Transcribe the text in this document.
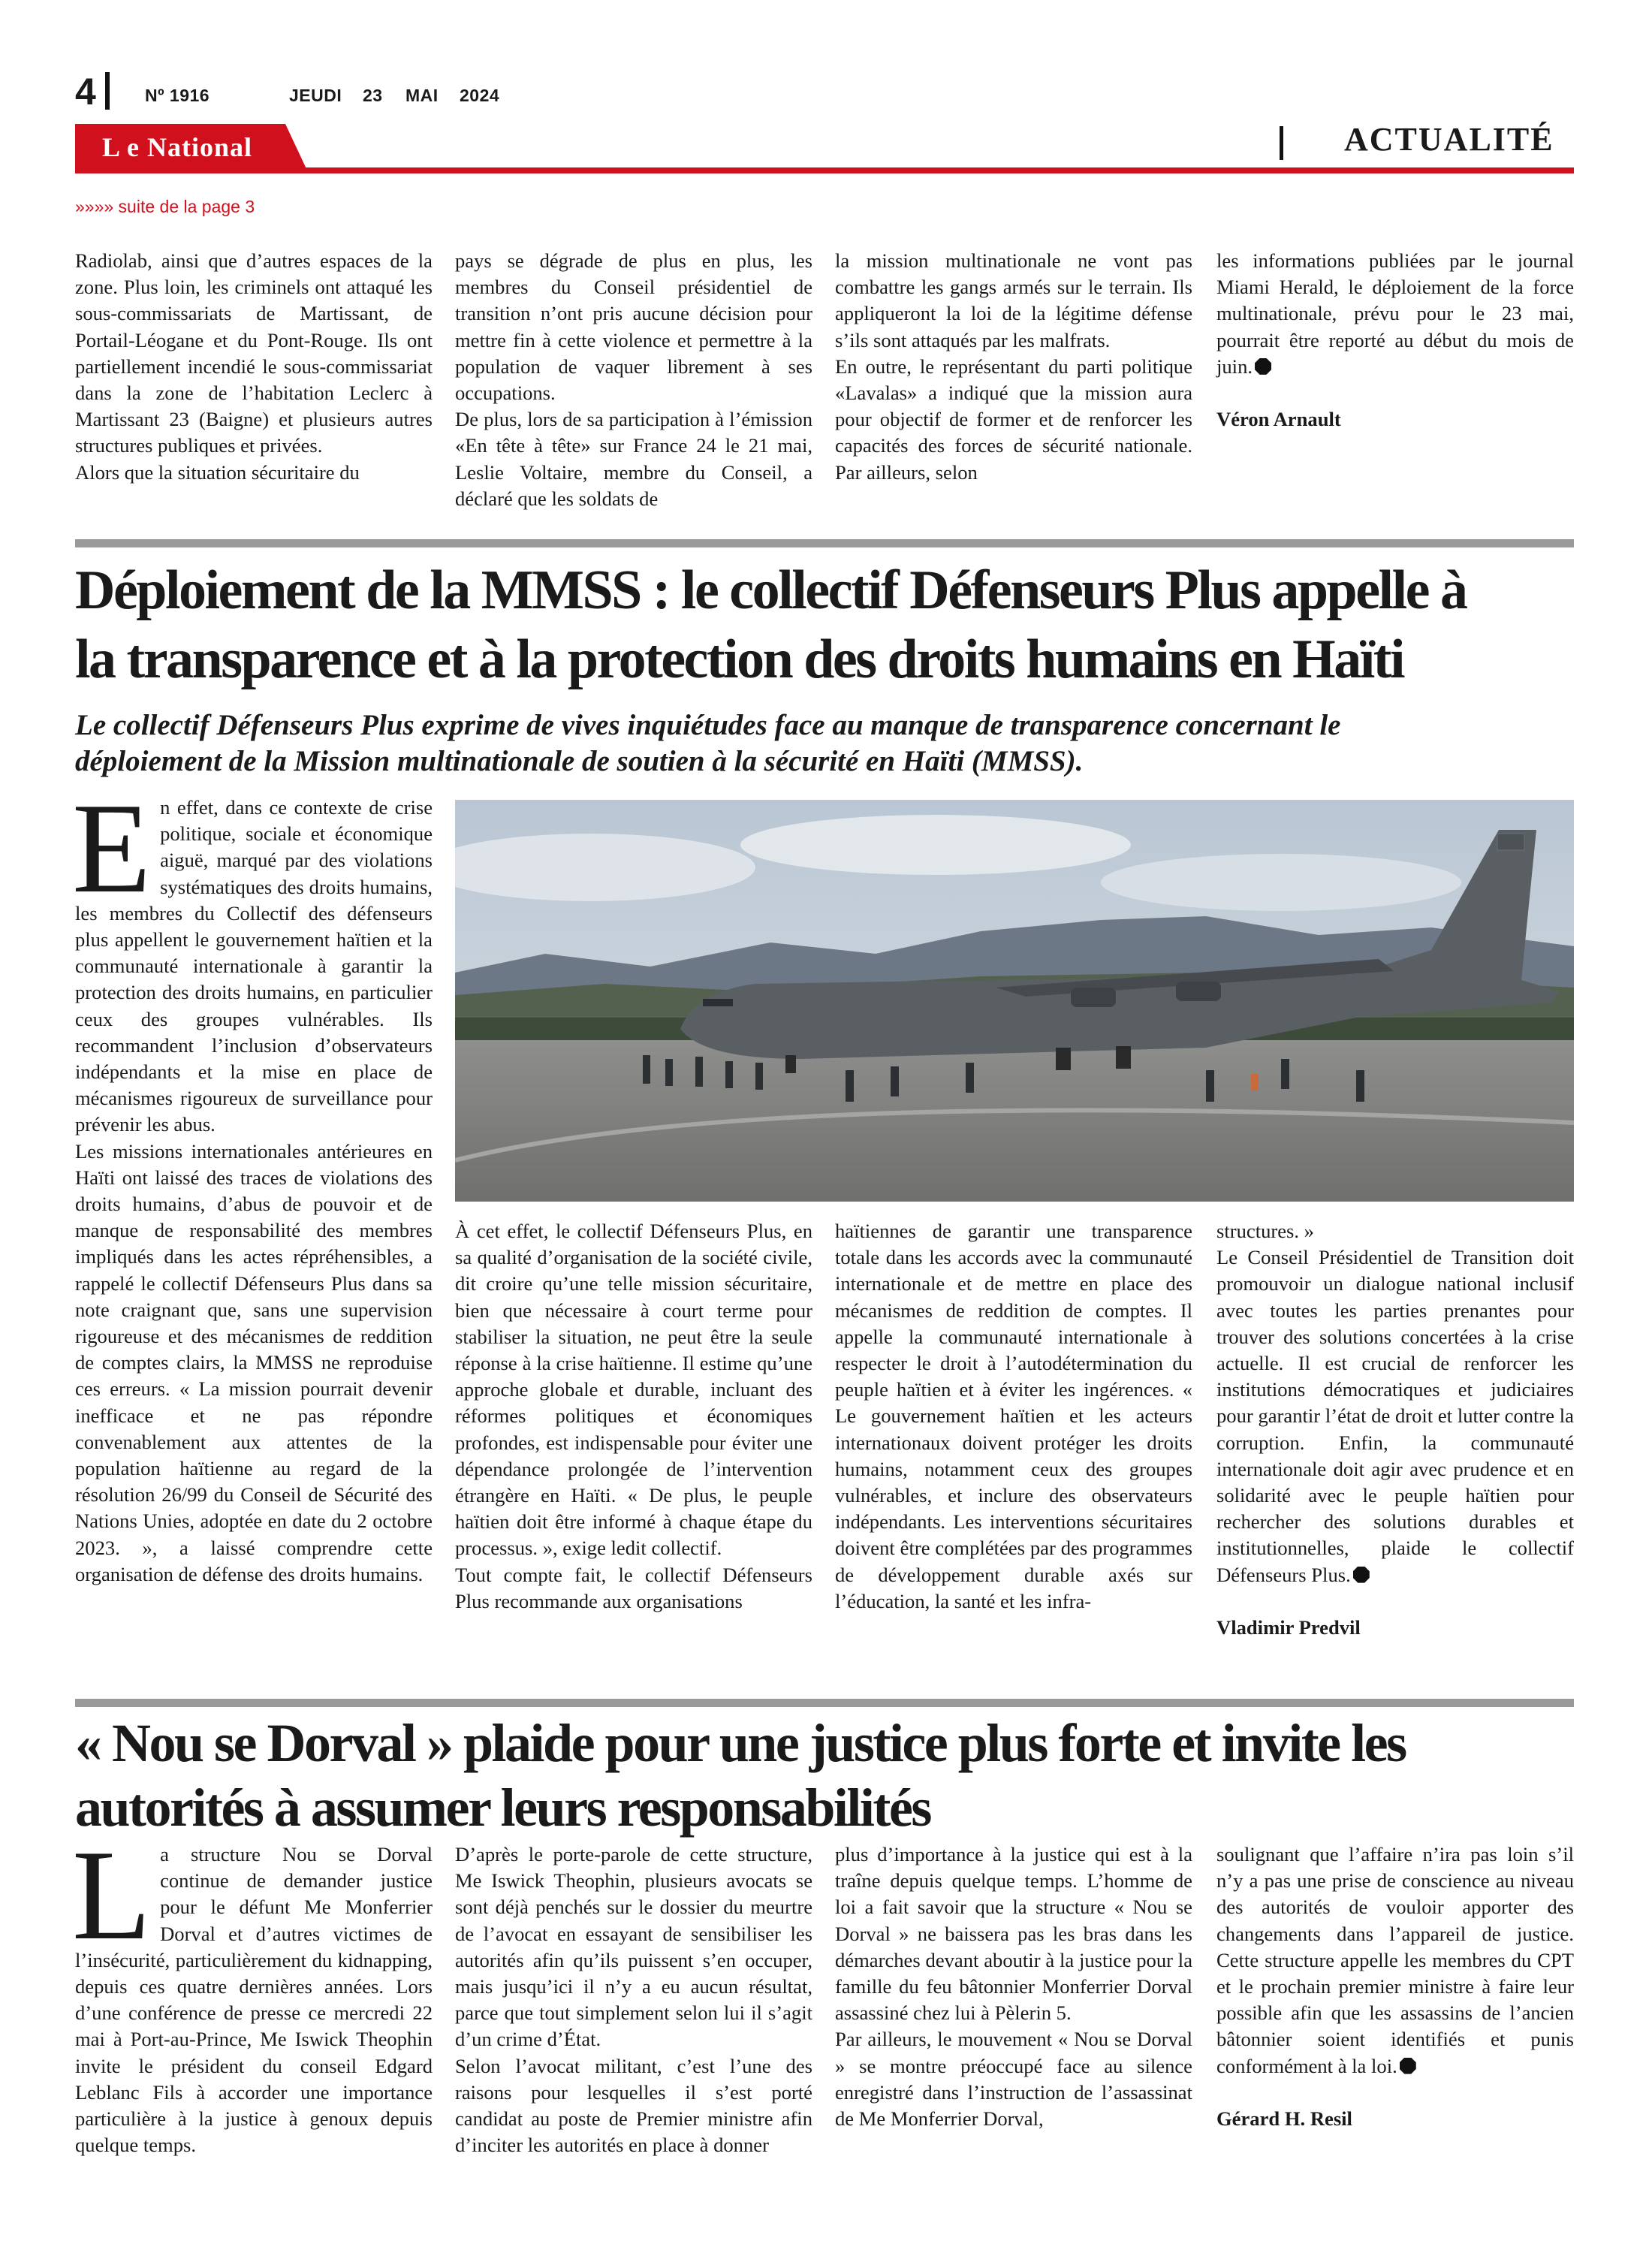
4	Nº 1916	JEUDI 23 MAI 2024
L e National	ACTUALITÉ
»»»» suite de la page 3

Radiolab, ainsi que d’autres espaces de la zone. Plus loin, les criminels ont attaqué les sous-commissariats de Martissant, de Portail-Léogane et du Pont-Rouge. Ils ont partiellement incendié le sous-commissariat dans la zone de l’habitation Leclerc à Martissant 23 (Baigne) et plusieurs autres structures publiques et privées.

Alors que la situation sécuritaire du

pays se dégrade de plus en plus, les membres du Conseil présidentiel de transition n’ont pris aucune décision pour mettre fin à cette violence et permettre à la population de vaquer librement à ses occupations.

De plus, lors de sa participation à l’émission «En tête à tête» sur France 24 le 21 mai, Leslie Voltaire, membre du Conseil, a déclaré que les soldats de

la mission multinationale ne vont pas combattre les gangs armés sur le terrain. Ils appliqueront la loi de la légitime défense s’ils sont attaqués par les malfrats.

En outre, le représentant du parti politique «Lavalas» a indiqué que la mission aura pour objectif de former et de renforcer les capacités des forces de sécurité nationale. Par ailleurs, selon

les informations publiées par le journal Miami Herald, le déploiement de la force multinationale, prévu pour le 23 mai, pourrait être reporté au début du mois de juin.

Véron Arnault

Déploiement de la MMSS : le collectif Défenseurs Plus appelle à
la transparence et à la protection des droits humains en Haïti
Le collectif Défenseurs Plus exprime de vives inquiétudes face au manque de transparence concernant le
déploiement de la Mission multinationale de soutien à la sécurité en Haïti (MMSS).

En effet, dans ce contexte de crise politique, sociale et économique aiguë, marqué par des violations systématiques des droits humains, les membres du Collectif des défenseurs plus appellent le gouvernement haïtien et la communauté internationale à garantir la protection des droits humains, en particulier ceux des groupes vulnérables. Ils recommandent l’inclusion d’observateurs indépendants et la mise en place de mécanismes rigoureux de surveillance pour prévenir les abus.

Les missions internationales antérieures en Haïti ont laissé des traces de violations des droits humains, d’abus de pouvoir et de manque de responsabilité des membres impliqués dans les actes répréhensibles, a rappelé le collectif Défenseurs Plus dans sa note craignant que, sans une supervision rigoureuse et des mécanismes de reddition de comptes clairs, la MMSS ne reproduise ces erreurs. « La mission pourrait devenir inefficace et ne pas répondre convenablement aux attentes de la population haïtienne au regard de la résolution 26/99 du Conseil de Sécurité des Nations Unies, adoptée en date du 2 octobre 2023. », a laissé comprendre cette organisation de défense des droits humains.

À cet effet, le collectif Défenseurs Plus, en sa qualité d’organisation de la société civile, dit croire qu’une telle mission sécuritaire, bien que nécessaire à court terme pour stabiliser la situation, ne peut être la seule réponse à la crise haïtienne. Il estime qu’une approche globale et durable, incluant des réformes politiques et économiques profondes, est indispensable pour éviter une dépendance prolongée de l’intervention étrangère en Haïti. « De plus, le peuple haïtien doit être informé à chaque étape du processus. », exige ledit collectif.

Tout compte fait, le collectif Défenseurs Plus recommande aux organisations

haïtiennes de garantir une transparence totale dans les accords avec la communauté internationale et de mettre en place des mécanismes de reddition de comptes. Il appelle la communauté internationale à respecter le droit à l’autodétermination du peuple haïtien et à éviter les ingérences. « Le gouvernement haïtien et les acteurs internationaux doivent protéger les droits humains, notamment ceux des groupes vulnérables, et inclure des observateurs indépendants. Les interventions sécuritaires doivent être complétées par des programmes de développement durable axés sur l’éducation, la santé et les infra-

structures. »

Le Conseil Présidentiel de Transition doit promouvoir un dialogue national inclusif avec toutes les parties prenantes pour trouver des solutions concertées à la crise actuelle. Il est crucial de renforcer les institutions démocratiques et judiciaires pour garantir l’état de droit et lutter contre la corruption. Enfin, la communauté internationale doit agir avec prudence et en solidarité avec le peuple haïtien pour rechercher des solutions durables et institutionnelles, plaide le collectif Défenseurs Plus.

Vladimir Predvil

« Nou se Dorval » plaide pour une justice plus forte et invite les
autorités à assumer leurs responsabilités

La structure Nou se Dorval continue de demander justice pour le défunt Me Monferrier Dorval et d’autres victimes de l’insécurité, particulièrement du kidnapping, depuis ces quatre dernières années. Lors d’une conférence de presse ce mercredi 22 mai à Port-au-Prince, Me Iswick Theophin invite le président du conseil Edgard Leblanc Fils à accorder une importance particulière à la justice à genoux depuis quelque temps.

D’après le porte-parole de cette structure, Me Iswick Theophin, plusieurs avocats se sont déjà penchés sur le dossier du meurtre de l’avocat en essayant de sensibiliser les autorités afin qu’ils puissent s’en occuper, mais jusqu’ici il n’y a eu aucun résultat, parce que tout simplement selon lui il s’agit d’un crime d’État.

Selon l’avocat militant, c’est l’une des raisons pour lesquelles il s’est porté candidat au poste de Premier ministre afin d’inciter les autorités en place à donner

plus d’importance à la justice qui est à la traîne depuis quelque temps. L’homme de loi a fait savoir que la structure « Nou se Dorval » ne baissera pas les bras dans les démarches devant aboutir à la justice pour la famille du feu bâtonnier Monferrier Dorval assassiné chez lui à Pèlerin 5.

Par ailleurs, le mouvement « Nou se Dorval » se montre préoccupé face au silence enregistré dans l’instruction de l’assassinat de Me Monferrier Dorval,

soulignant que l’affaire n’ira pas loin s’il n’y a pas une prise de conscience au niveau des autorités de vouloir apporter des changements dans l’appareil de justice. Cette structure appelle les membres du CPT et le prochain premier ministre à faire leur possible afin que les assassins de l’ancien bâtonnier soient identifiés et punis conformément à la loi.

Gérard H. Resil
